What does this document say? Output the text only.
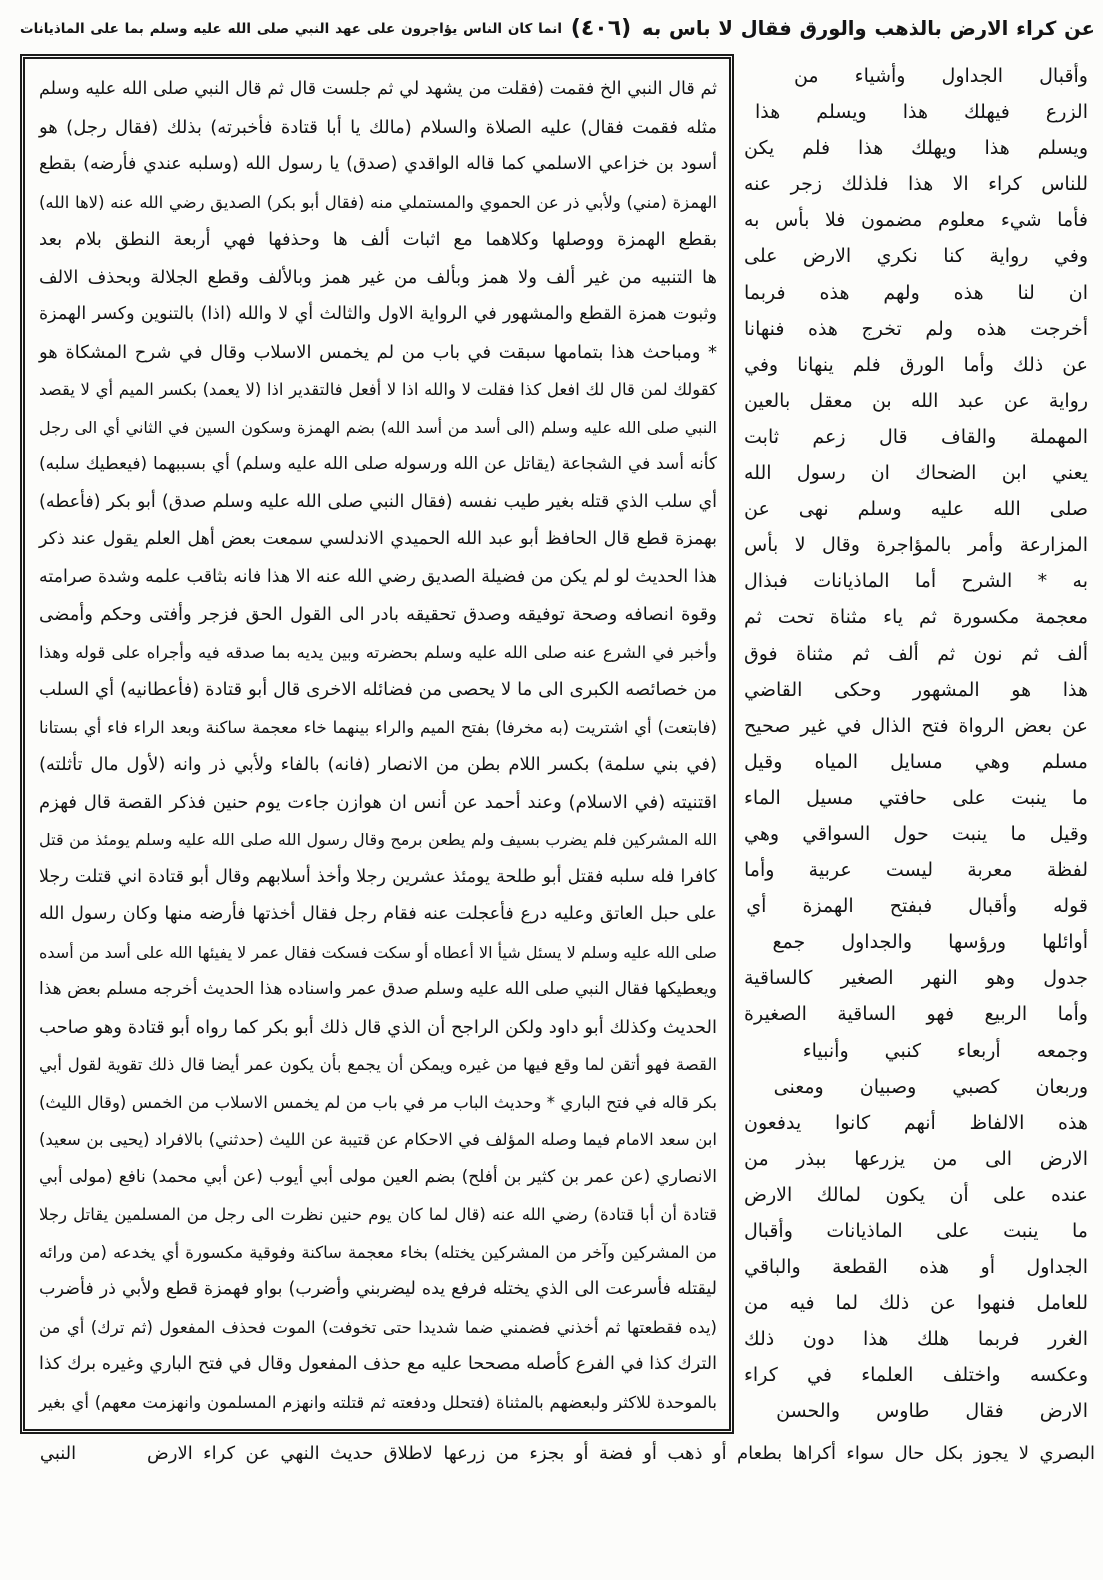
عن كراء الارض بالذهب والورق فقال لا باس به
(٤٠٦)
انما كان الناس يؤاجرون على عهد النبي صلى الله عليه وسلم بما على الماذيانات
ثم قال النبي الخ فقمت (فقلت من يشهد لي ثم جلست قال ثم قال النبي صلى الله عليه وسلم
مثله فقمت فقال) عليه الصلاة والسلام (مالك يا أبا قتادة فأخبرته) بذلك (فقال رجل) هو
أسود بن خزاعي الاسلمي كما قاله الواقدي (صدق) يا رسول الله (وسلبه عندي فأرضه) بقطع
الهمزة (مني) ولأبي ذر عن الحموي والمستملي منه (فقال أبو بكر) الصديق رضي الله عنه (لاها الله)
بقطع الهمزة ووصلها وكلاهما مع اثبات ألف ها وحذفها فهي أربعة النطق بلام بعد
ها التنبيه من غير ألف ولا همز وبألف من غير همز وبالألف وقطع الجلالة وبحذف الالف
وثبوت همزة القطع والمشهور في الرواية الاول والثالث أي لا والله (اذا) بالتنوين وكسر الهمزة
* ومباحث هذا بتمامها سبقت في باب من لم يخمس الاسلاب وقال في شرح المشكاة هو
كقولك لمن قال لك افعل كذا فقلت لا والله اذا لا أفعل فالتقدير اذا (لا يعمد) بكسر الميم أي لا يقصد
النبي صلى الله عليه وسلم (الى أسد من أسد الله) بضم الهمزة وسكون السين في الثاني أي الى رجل
كأنه أسد في الشجاعة (يقاتل عن الله ورسوله صلى الله عليه وسلم) أي بسببهما (فيعطيك سلبه)
أي سلب الذي قتله بغير طيب نفسه (فقال النبي صلى الله عليه وسلم صدق) أبو بكر (فأعطه)
بهمزة قطع قال الحافظ أبو عبد الله الحميدي الاندلسي سمعت بعض أهل العلم يقول عند ذكر
هذا الحديث لو لم يكن من فضيلة الصديق رضي الله عنه الا هذا فانه بثاقب علمه وشدة صرامته
وقوة انصافه وصحة توفيقه وصدق تحقيقه بادر الى القول الحق فزجر وأفتى وحكم وأمضى
وأخبر في الشرع عنه صلى الله عليه وسلم بحضرته وبين يديه بما صدقه فيه وأجراه على قوله وهذا
من خصائصه الكبرى الى ما لا يحصى من فضائله الاخرى قال أبو قتادة (فأعطانيه) أي السلب
(فابتعت) أي اشتريت (به مخرفا) بفتح الميم والراء بينهما خاء معجمة ساكنة وبعد الراء فاء أي بستانا
(في بني سلمة) بكسر اللام بطن من الانصار (فانه) بالفاء ولأبي ذر وانه (لأول مال تأثلته)
اقتنيته (في الاسلام) وعند أحمد عن أنس ان هوازن جاءت يوم حنين فذكر القصة قال فهزم
الله المشركين فلم يضرب بسيف ولم يطعن برمح وقال رسول الله صلى الله عليه وسلم يومئذ من قتل
كافرا فله سلبه فقتل أبو طلحة يومئذ عشرين رجلا وأخذ أسلابهم وقال أبو قتادة اني قتلت رجلا
على حبل العاتق وعليه درع فأعجلت عنه فقام رجل فقال أخذتها فأرضه منها وكان رسول الله
صلى الله عليه وسلم لا يسئل شيأ الا أعطاه أو سكت فسكت فقال عمر لا يفيئها الله على أسد من أسده
ويعطيكها فقال النبي صلى الله عليه وسلم صدق عمر واسناده هذا الحديث أخرجه مسلم بعض هذا
الحديث وكذلك أبو داود ولكن الراجح أن الذي قال ذلك أبو بكر كما رواه أبو قتادة وهو صاحب
القصة فهو أتقن لما وقع فيها من غيره ويمكن أن يجمع بأن يكون عمر أيضا قال ذلك تقوية لقول أبي
بكر قاله في فتح الباري * وحديث الباب مر في باب من لم يخمس الاسلاب من الخمس (وقال الليث)
ابن سعد الامام فيما وصله المؤلف في الاحكام عن قتيبة عن الليث (حدثني) بالافراد (يحيى بن سعيد)
الانصاري (عن عمر بن كثير بن أفلح) بضم العين مولى أبي أيوب (عن أبي محمد) نافع (مولى أبي
قتادة أن أبا قتادة) رضي الله عنه (قال لما كان يوم حنين نظرت الى رجل من المسلمين يقاتل رجلا
من المشركين وآخر من المشركين يختله) بخاء معجمة ساكنة وفوقية مكسورة أي يخدعه (من ورائه
ليقتله فأسرعت الى الذي يختله فرفع يده ليضربني وأضرب) بواو فهمزة قطع ولأبي ذر فأضرب
(يده فقطعتها ثم أخذني فضمني ضما شديدا حتى تخوفت) الموت فحذف المفعول (ثم ترك) أي من
الترك كذا في الفرع كأصله مصححا عليه مع حذف المفعول وقال في فتح الباري وغيره برك كذا
بالموحدة للاكثر ولبعضهم بالمثناة (فتحلل ودفعته ثم قتلته وانهزم المسلمون وانهزمت معهم) أي بغير
وأقبال الجداول وأشياء من
الزرع فيهلك هذا ويسلم هذا
ويسلم هذا ويهلك هذا فلم يكن
للناس كراء الا هذا فلذلك زجر عنه
فأما شيء معلوم مضمون فلا بأس به
وفي رواية كنا نكري الارض على
ان لنا هذه ولهم هذه فربما
أخرجت هذه ولم تخرج هذه فنهانا
عن ذلك وأما الورق فلم ينهانا وفي
رواية عن عبد الله بن معقل بالعين
المهملة والقاف قال زعم ثابت
يعني ابن الضحاك ان رسول الله
صلى الله عليه وسلم نهى عن
المزارعة وأمر بالمؤاجرة وقال لا بأس
به * الشرح أما الماذيانات فبذال
معجمة مكسورة ثم ياء مثناة تحت ثم
ألف ثم نون ثم ألف ثم مثناة فوق
هذا هو المشهور وحكى القاضي
عن بعض الرواة فتح الذال في غير صحيح
مسلم وهي مسايل المياه وقيل
ما ينبت على حافتي مسيل الماء
وقيل ما ينبت حول السواقي وهي
لفظة معربة ليست عربية وأما
قوله وأقبال فبفتح الهمزة أي
أوائلها ورؤسها والجداول جمع
جدول وهو النهر الصغير كالساقية
وأما الربيع فهو الساقية الصغيرة
وجمعه أربعاء كنبي وأنبياء
وربعان كصبي وصبيان ومعنى
هذه الالفاظ أنهم كانوا يدفعون
الارض الى من يزرعها ببذر من
عنده على أن يكون لمالك الارض
ما ينبت على الماذيانات وأقبال
الجداول أو هذه القطعة والباقي
للعامل فنهوا عن ذلك لما فيه من
الغرر فربما هلك هذا دون ذلك
وعكسه واختلف العلماء في كراء
الارض فقال طاوس والحسن
البصري لا يجوز بكل حال سواء أكراها بطعام أو ذهب أو فضة أو بجزء من زرعها لاطلاق حديث النهي عن كراء الارض
النبي
